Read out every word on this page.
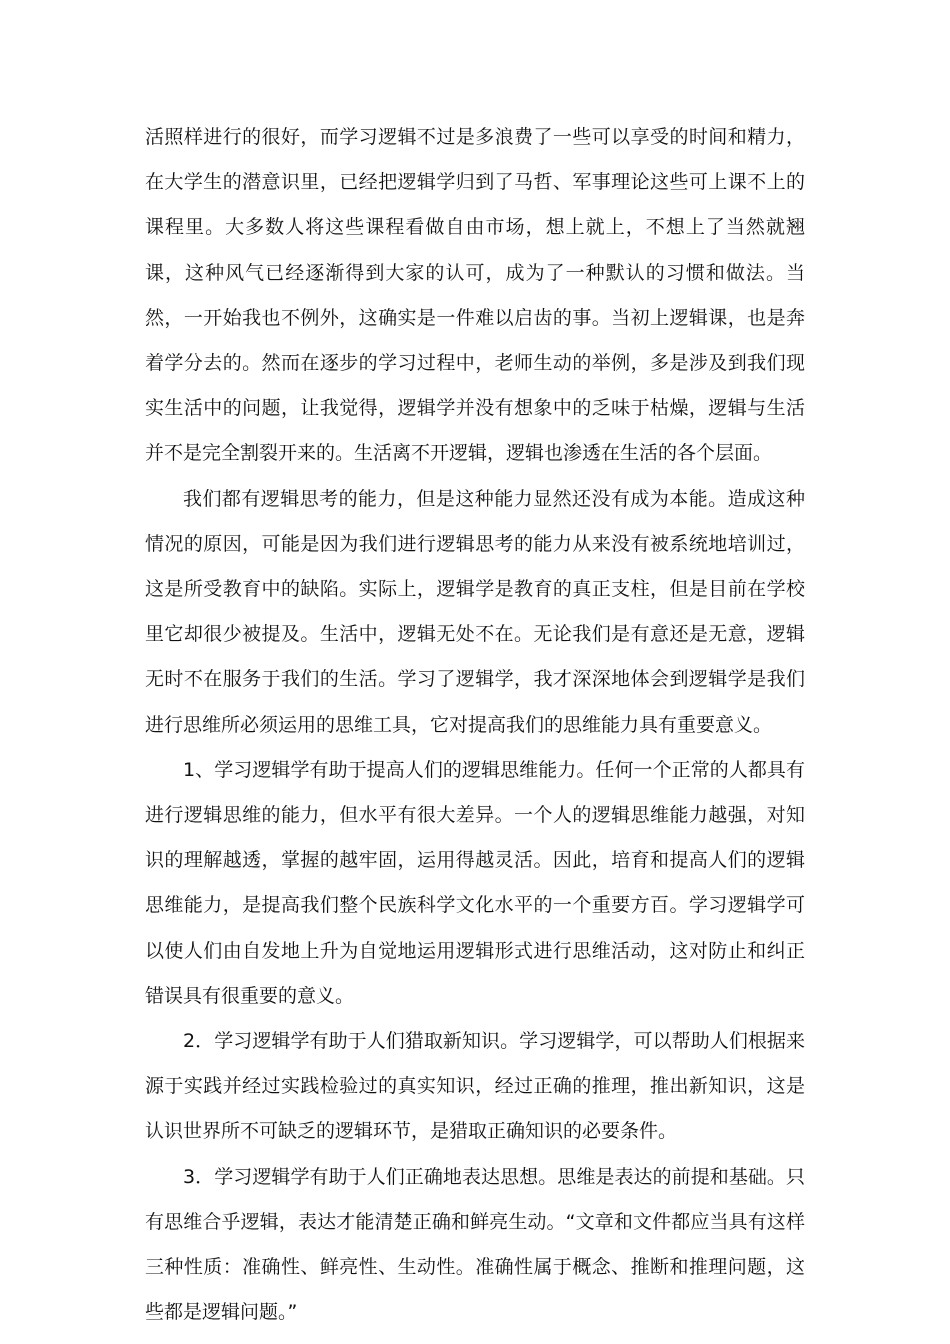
活照样进行的很好，而学习逻辑不过是多浪费了一些可以享受的时间和精力，在大学生的潜意识里，已经把逻辑学归到了马哲、军事理论这些可上课不上的课程里。大多数人将这些课程看做自由市场，想上就上，不想上了当然就翘课，这种风气已经逐渐得到大家的认可，成为了一种默认的习惯和做法。当然，一开始我也不例外，这确实是一件难以启齿的事。当初上逻辑课，也是奔着学分去的。然而在逐步的学习过程中，老师生动的举例，多是涉及到我们现实生活中的问题，让我觉得，逻辑学并没有想象中的乏味于枯燥，逻辑与生活并不是完全割裂开来的。生活离不开逻辑，逻辑也渗透在生活的各个层面。

我们都有逻辑思考的能力，但是这种能力显然还没有成为本能。造成这种情况的原因，可能是因为我们进行逻辑思考的能力从来没有被系统地培训过，这是所受教育中的缺陷。实际上，逻辑学是教育的真正支柱，但是目前在学校里它却很少被提及。生活中，逻辑无处不在。无论我们是有意还是无意，逻辑无时不在服务于我们的生活。学习了逻辑学，我才深深地体会到逻辑学是我们进行思维所必须运用的思维工具，它对提高我们的思维能力具有重要意义。

1、学习逻辑学有助于提高人们的逻辑思维能力。任何一个正常的人都具有进行逻辑思维的能力，但水平有很大差异。一个人的逻辑思维能力越强，对知识的理解越透，掌握的越牢固，运用得越灵活。因此，培育和提高人们的逻辑思维能力，是提高我们整个民族科学文化水平的一个重要方百。学习逻辑学可以使人们由自发地上升为自觉地运用逻辑形式进行思维活动，这对防止和纠正错误具有很重要的意义。

2．学习逻辑学有助于人们猎取新知识。学习逻辑学，可以帮助人们根据来源于实践并经过实践检验过的真实知识，经过正确的推理，推出新知识，这是认识世界所不可缺乏的逻辑环节，是猎取正确知识的必要条件。

3．学习逻辑学有助于人们正确地表达思想。思维是表达的前提和基础。只有思维合乎逻辑，表达才能清楚正确和鲜亮生动。“文章和文件都应当具有这样三种性质：准确性、鲜亮性、生动性。准确性属于概念、推断和推理问题，这些都是逻辑问题。”
